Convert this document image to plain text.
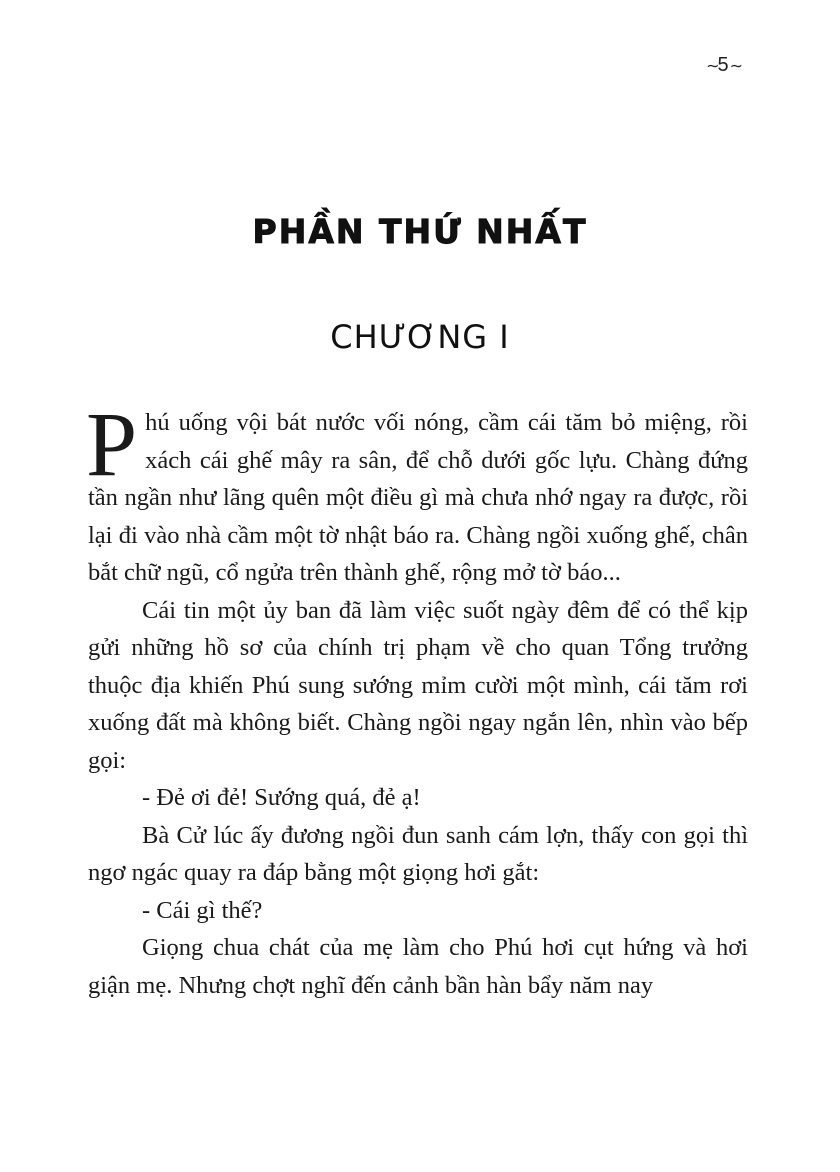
∼ 5 ∼
PHẦN THỨ NHẤT
CHƯƠNG I

Phú uống vội bát nước vối nóng, cầm cái tăm bỏ miệng, rồi xách cái ghế mây ra sân, để chỗ dưới gốc lựu. Chàng đứng tần ngần như lãng quên một điều gì mà chưa nhớ ngay ra được, rồi lại đi vào nhà cầm một tờ nhật báo ra. Chàng ngồi xuống ghế, chân bắt chữ ngũ, cổ ngửa trên thành ghế, rộng mở tờ báo...

Cái tin một ủy ban đã làm việc suốt ngày đêm để có thể kịp gửi những hồ sơ của chính trị phạm về cho quan Tổng trưởng thuộc địa khiến Phú sung sướng mỉm cười một mình, cái tăm rơi xuống đất mà không biết. Chàng ngồi ngay ngắn lên, nhìn vào bếp gọi:

- Đẻ ơi đẻ! Sướng quá, đẻ ạ!

Bà Cử lúc ấy đương ngồi đun sanh cám lợn, thấy con gọi thì ngơ ngác quay ra đáp bằng một giọng hơi gắt:

- Cái gì thế?

Giọng chua chát của mẹ làm cho Phú hơi cụt hứng và hơi giận mẹ. Nhưng chợt nghĩ đến cảnh bần hàn bẩy năm nay
